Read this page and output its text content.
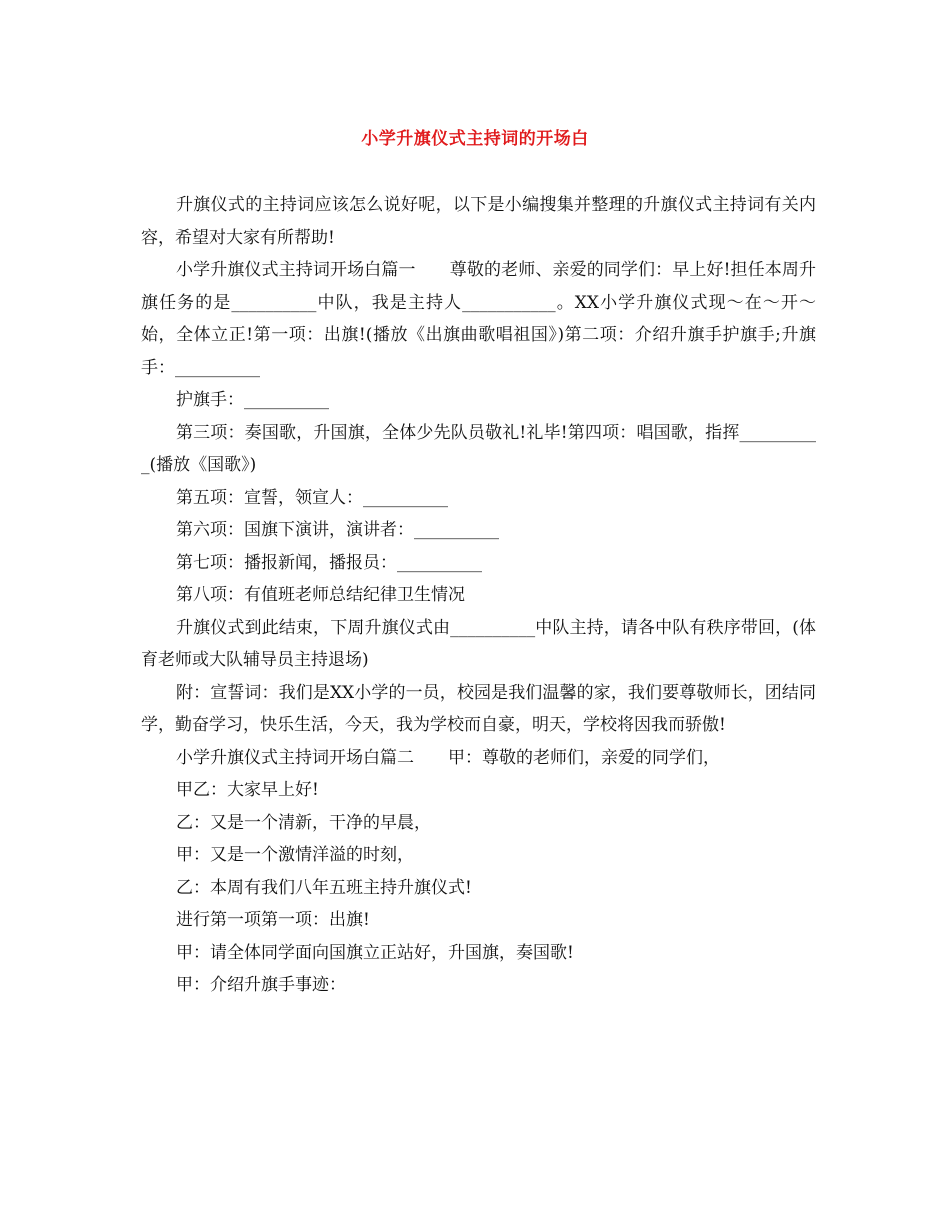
小学升旗仪式主持词的开场白

升旗仪式的主持词应该怎么说好呢，以下是小编搜集并整理的升旗仪式主持词有关内容，希望对大家有所帮助!

小学升旗仪式主持词开场白篇一　　尊敬的老师、亲爱的同学们：早上好!担任本周升旗任务的是__________中队，我是主持人___________。XX小学升旗仪式现～在～开～始，全体立正!第一项：出旗!(播放《出旗曲歌唱祖国》)第二项：介绍升旗手护旗手;升旗手：__________

护旗手：__________

第三项：奏国歌，升国旗，全体少先队员敬礼!礼毕!第四项：唱国歌，指挥__________(播放《国歌》)

第五项：宣誓，领宣人：__________

第六项：国旗下演讲，演讲者：__________

第七项：播报新闻，播报员：__________

第八项：有值班老师总结纪律卫生情况

升旗仪式到此结束，下周升旗仪式由__________中队主持，请各中队有秩序带回，(体育老师或大队辅导员主持退场)

附：宣誓词：我们是XX小学的一员，校园是我们温馨的家，我们要尊敬师长，团结同学，勤奋学习，快乐生活，今天，我为学校而自豪，明天，学校将因我而骄傲!

小学升旗仪式主持词开场白篇二　　甲：尊敬的老师们，亲爱的同学们，

甲乙：大家早上好!

乙：又是一个清新，干净的早晨，

甲：又是一个激情洋溢的时刻，

乙：本周有我们八年五班主持升旗仪式!

进行第一项第一项：出旗!

甲：请全体同学面向国旗立正站好，升国旗，奏国歌!

甲：介绍升旗手事迹：
